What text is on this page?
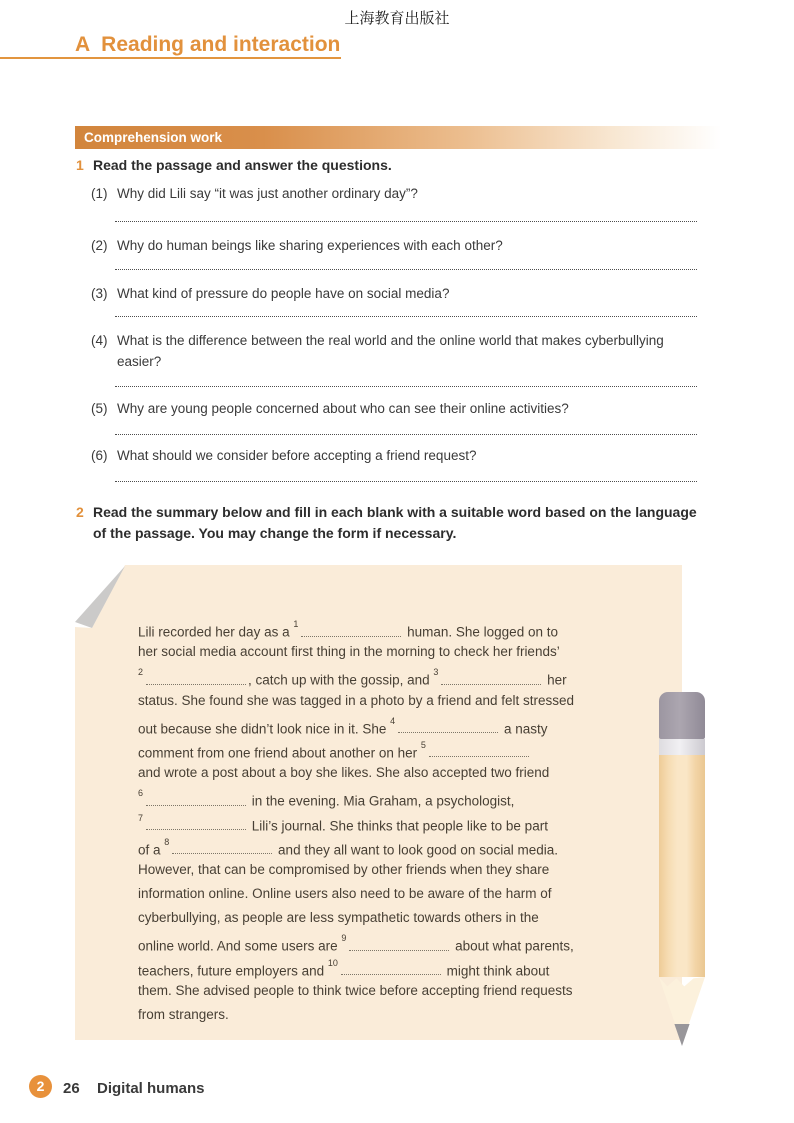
上海教育出版社
A Reading and interaction
Comprehension work
1 Read the passage and answer the questions.
2 Read the summary below and fill in each blank with a suitable word based on the language of the passage. You may change the form if necessary.
Lili recorded her day as a $^1$ human. She logged on to
her social media account first thing in the morning to check her friends’
$^2$, catch up with the gossip, and $^3$ her
status. She found she was tagged in a photo by a friend and felt stressed
out because she didn’t look nice in it. She $^4$ a nasty
comment from one friend about another on her $^5$
and wrote a post about a boy she likes. She also accepted two friend
$^6$ in the evening. Mia Graham, a psychologist,
$^7$ Lili’s journal. She thinks that people like to be part
of a $^8$ and they all want to look good on social media.
However, that can be compromised by other friends when they share
information online. Online users also need to be aware of the harm of
cyberbullying, as people are less sympathetic towards others in the
online world. And some users are $^9$ about what parents,
teachers, future employers and $^{10}$ might think about
them. She advised people to think twice before accepting friend requests
from strangers.
2	26 Digital humans
(1) Why did Lili say “it was just another ordinary day”?
(2) Why do human beings like sharing experiences with each other?
(3) What kind of pressure do people have on social media?
(4) What is the difference between the real world and the online world that makes cyberbullying easier?
(5) Why are young people concerned about who can see their online activities?
(6) What should we consider before accepting a friend request?
